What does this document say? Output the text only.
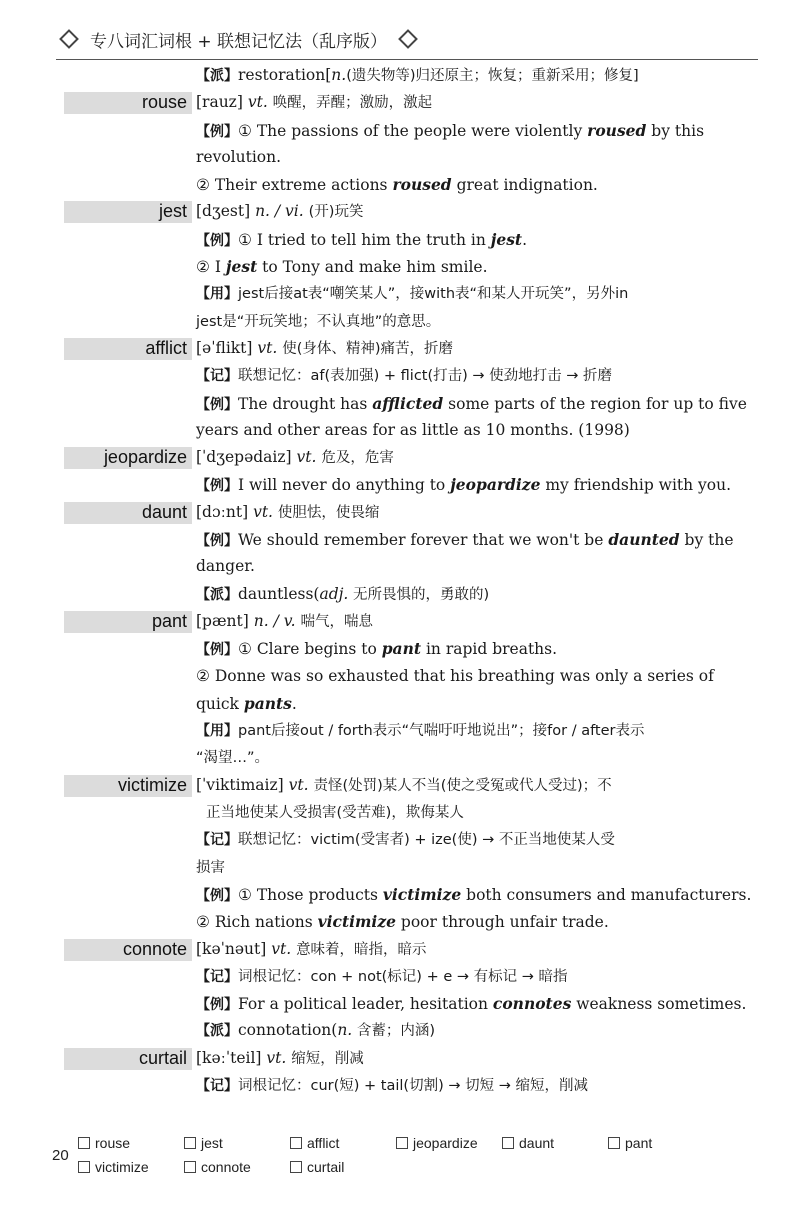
专八词汇词根 + 联想记忆法（乱序版）
【派】restoration[n.(遗失物等)归还原主；恢复；重新采用；修复]
rouse [rauz] vt. 唤醒，弄醒；激励，激起
【例】① The passions of the people were violently roused by this
revolution.
② Their extreme actions roused great indignation.
jest [dʒest] n. / vi. (开)玩笑
【例】① I tried to tell him the truth in jest.
② I jest to Tony and make him smile.
【用】jest后接at表“嘲笑某人”，接with表“和某人开玩笑”，另外in
jest是“开玩笑地；不认真地”的意思。
afflict [əˈflikt] vt. 使(身体、精神)痛苦，折磨
【记】联想记忆：af(表加强) + flict(打击) → 使劲地打击 → 折磨
【例】The drought has afflicted some parts of the region for up to five
years and other areas for as little as 10 months. (1998)
jeopardize [ˈdʒepədaiz] vt. 危及，危害
【例】I will never do anything to jeopardize my friendship with you.
daunt [dɔːnt] vt. 使胆怯，使畏缩
【例】We should remember forever that we won't be daunted by the
danger.
【派】dauntless(adj. 无所畏惧的，勇敢的)
pant [pænt] n. / v. 喘气，喘息
【例】① Clare begins to pant in rapid breaths.
② Donne was so exhausted that his breathing was only a series of
quick pants.
【用】pant后接out / forth表示“气喘吁吁地说出”；接for / after表示
“渴望…”。
victimize [ˈviktimaiz] vt. 责怪(处罚)某人不当(使之受冤或代人受过)；不
正当地使某人受损害(受苦难)，欺侮某人
【记】联想记忆：victim(受害者) + ize(使) → 不正当地使某人受
损害
【例】① Those products victimize both consumers and manufacturers.
② Rich nations victimize poor through unfair trade.
connote [kəˈnəut] vt. 意味着，暗指，暗示
【记】词根记忆：con + not(标记) + e → 有标记 → 暗指
【例】For a political leader, hesitation connotes weakness sometimes.
【派】connotation(n. 含蓄；内涵)
curtail [kəːˈteil] vt. 缩短，削减
【记】词根记忆：cur(短) + tail(切割) → 切短 → 缩短，削减
20
rouse	jest	afflict	jeopardize	daunt	pant
victimize	connote	curtail
